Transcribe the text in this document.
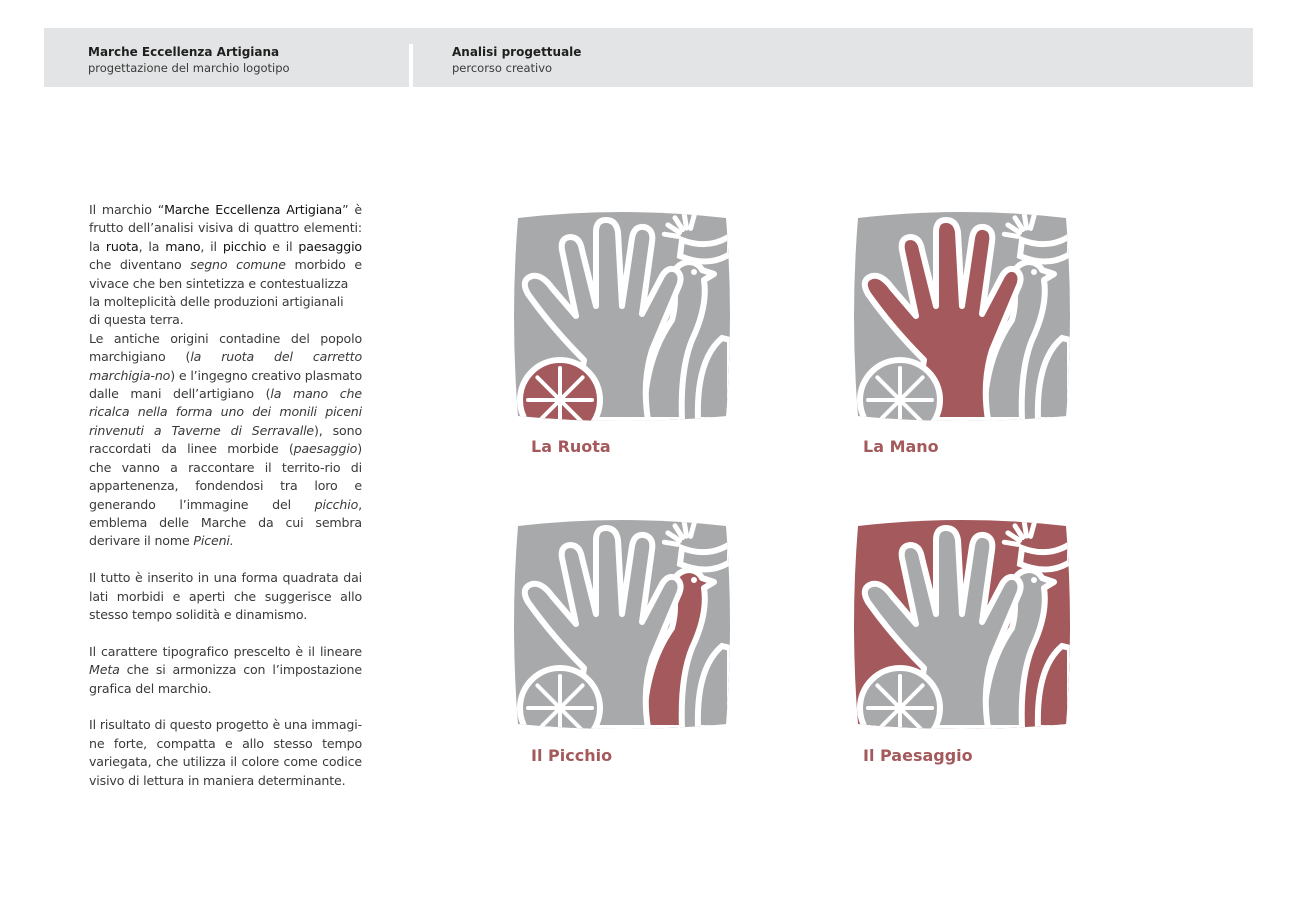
Marche Eccellenza Artigiana
progettazione del marchio logotipo
Analisi progettuale
percorso creativo

Il marchio “Marche Eccellenza Artigiana” è frutto dell’analisi visiva di quattro elementi: la ruota, la mano, il picchio e il paesaggio che diventano segno comune morbido e vivace che ben sintetizza e contestualizza
la molteplicità delle produzioni artigianali
di questa terra.
Le antiche origini contadine del popolo marchigiano (la ruota del carretto marchigia-no) e l’ingegno creativo plasmato dalle mani dell’artigiano (la mano che ricalca nella forma uno dei monili piceni rinvenuti a Taverne di Serravalle), sono raccordati da linee morbide (paesaggio) che vanno a raccontare il territo-rio di appartenenza, fondendosi tra loro e generando l’immagine del picchio, emblema delle Marche da cui sembra derivare il nome Piceni.

Il tutto è inserito in una forma quadrata dai lati morbidi e aperti che suggerisce allo stesso tempo solidità e dinamismo.

Il carattere tipografico prescelto è il lineare Meta che si armonizza con l’impostazione grafica del marchio.

Il risultato di questo progetto è una immagi-ne forte, compatta e allo stesso tempo variegata, che utilizza il colore come codice visivo di lettura in maniera determinante.

La Ruota	La Mano
Il Picchio	Il Paesaggio
